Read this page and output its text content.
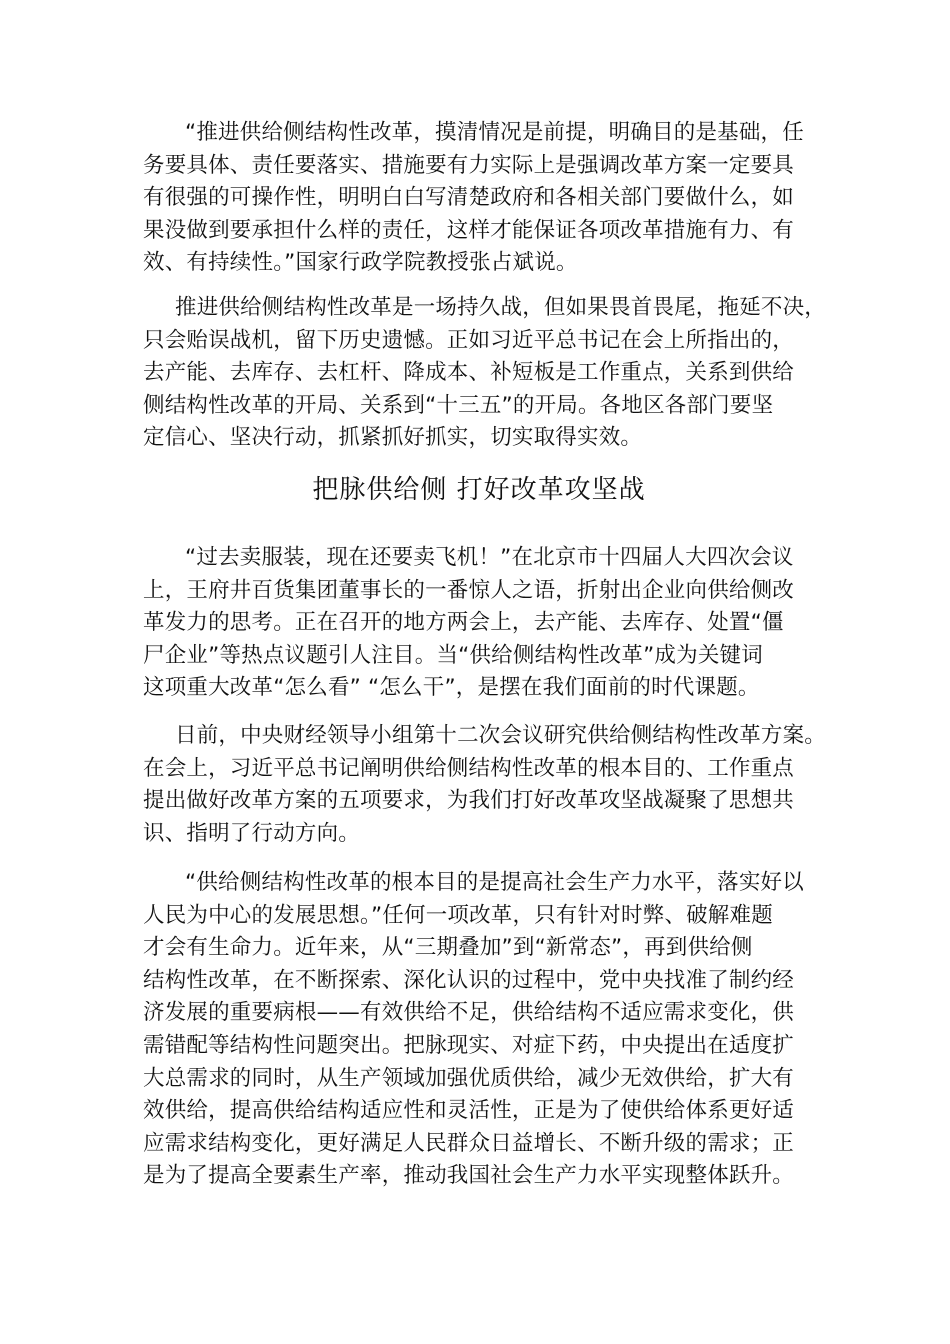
“推进供给侧结构性改革，摸清情况是前提，明确目的是基础，任
务要具体、责任要落实、措施要有力实际上是强调改革方案一定要具
有很强的可操作性，明明白白写清楚政府和各相关部门要做什么，如
果没做到要承担什么样的责任，这样才能保证各项改革措施有力、有
效、有持续性。”国家行政学院教授张占斌说。

推进供给侧结构性改革是一场持久战，但如果畏首畏尾，拖延不决，
只会贻误战机，留下历史遗憾。正如习近平总书记在会上所指出的，
去产能、去库存、去杠杆、降成本、补短板是工作重点，关系到供给
侧结构性改革的开局、关系到“十三五”的开局。各地区各部门要坚
定信心、坚决行动，抓紧抓好抓实，切实取得实效。

把脉供给侧 打好改革攻坚战

“过去卖服装，现在还要卖飞机！”在北京市十四届人大四次会议
上，王府井百货集团董事长的一番惊人之语，折射出企业向供给侧改
革发力的思考。正在召开的地方两会上，去产能、去库存、处置“僵
尸企业”等热点议题引人注目。当“供给侧结构性改革”成为关键词
这项重大改革“怎么看” “怎么干”，是摆在我们面前的时代课题。

日前，中央财经领导小组第十二次会议研究供给侧结构性改革方案。
在会上，习近平总书记阐明供给侧结构性改革的根本目的、工作重点
提出做好改革方案的五项要求，为我们打好改革攻坚战凝聚了思想共
识、指明了行动方向。

“供给侧结构性改革的根本目的是提高社会生产力水平，落实好以
人民为中心的发展思想。”任何一项改革，只有针对时弊、破解难题
才会有生命力。近年来，从“三期叠加”到“新常态”，再到供给侧
结构性改革，在不断探索、深化认识的过程中，党中央找准了制约经
济发展的重要病根——有效供给不足，供给结构不适应需求变化，供
需错配等结构性问题突出。把脉现实、对症下药，中央提出在适度扩
大总需求的同时，从生产领域加强优质供给，减少无效供给，扩大有
效供给，提高供给结构适应性和灵活性，正是为了使供给体系更好适
应需求结构变化，更好满足人民群众日益增长、不断升级的需求；正
是为了提高全要素生产率，推动我国社会生产力水平实现整体跃升。
